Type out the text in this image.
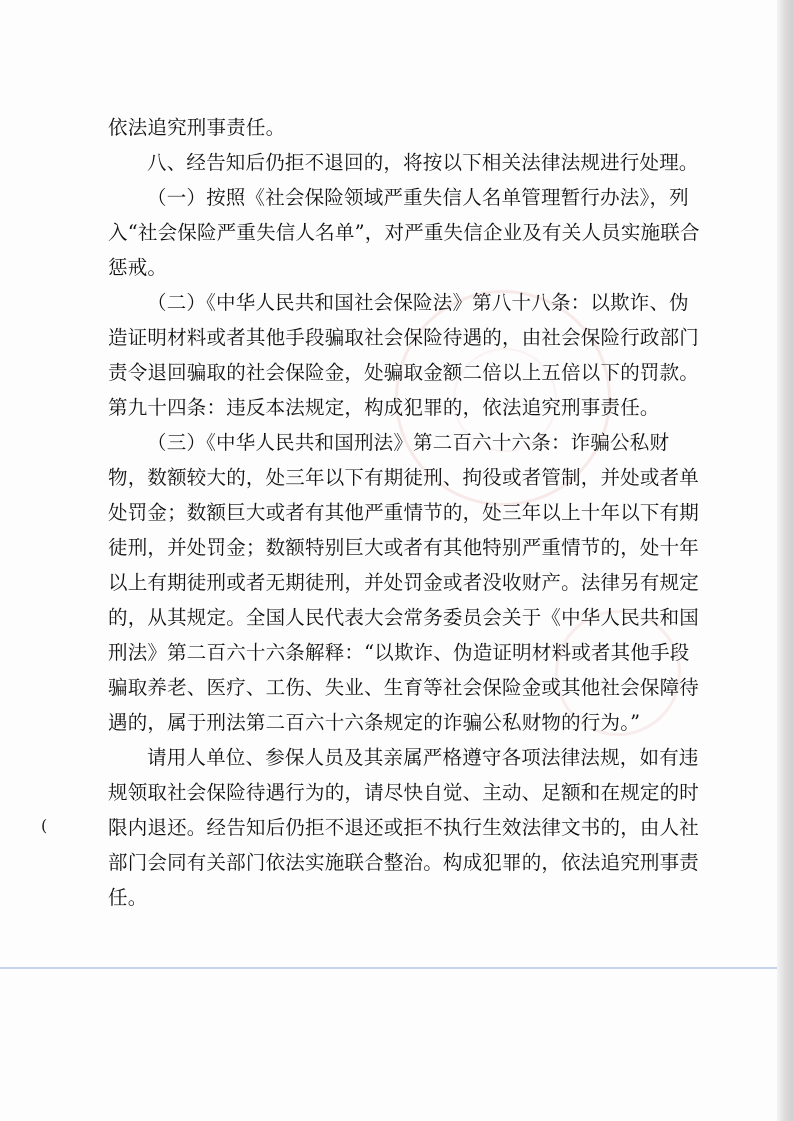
依法追究刑事责任。

八、经告知后仍拒不退回的，将按以下相关法律法规进行处理。

（一）按照《社会保险领域严重失信人名单管理暂行办法》，列入“社会保险严重失信人名单”，对严重失信企业及有关人员实施联合惩戒。

（二）《中华人民共和国社会保险法》第八十八条：以欺诈、伪造证明材料或者其他手段骗取社会保险待遇的，由社会保险行政部门责令退回骗取的社会保险金，处骗取金额二倍以上五倍以下的罚款。第九十四条：违反本法规定，构成犯罪的，依法追究刑事责任。

（三）《中华人民共和国刑法》第二百六十六条：诈骗公私财物，数额较大的，处三年以下有期徒刑、拘役或者管制，并处或者单处罚金；数额巨大或者有其他严重情节的，处三年以上十年以下有期徒刑，并处罚金；数额特别巨大或者有其他特别严重情节的，处十年以上有期徒刑或者无期徒刑，并处罚金或者没收财产。法律另有规定的，从其规定。全国人民代表大会常务委员会关于《中华人民共和国刑法》第二百六十六条解释：“以欺诈、伪造证明材料或者其他手段骗取养老、医疗、工伤、失业、生育等社会保险金或其他社会保障待遇的，属于刑法第二百六十六条规定的诈骗公私财物的行为。”

请用人单位、参保人员及其亲属严格遵守各项法律法规，如有违规领取社会保险待遇行为的，请尽快自觉、主动、足额和在规定的时限内退还。经告知后仍拒不退还或拒不执行生效法律文书的，由人社部门会同有关部门依法实施联合整治。构成犯罪的，依法追究刑事责任。

(
